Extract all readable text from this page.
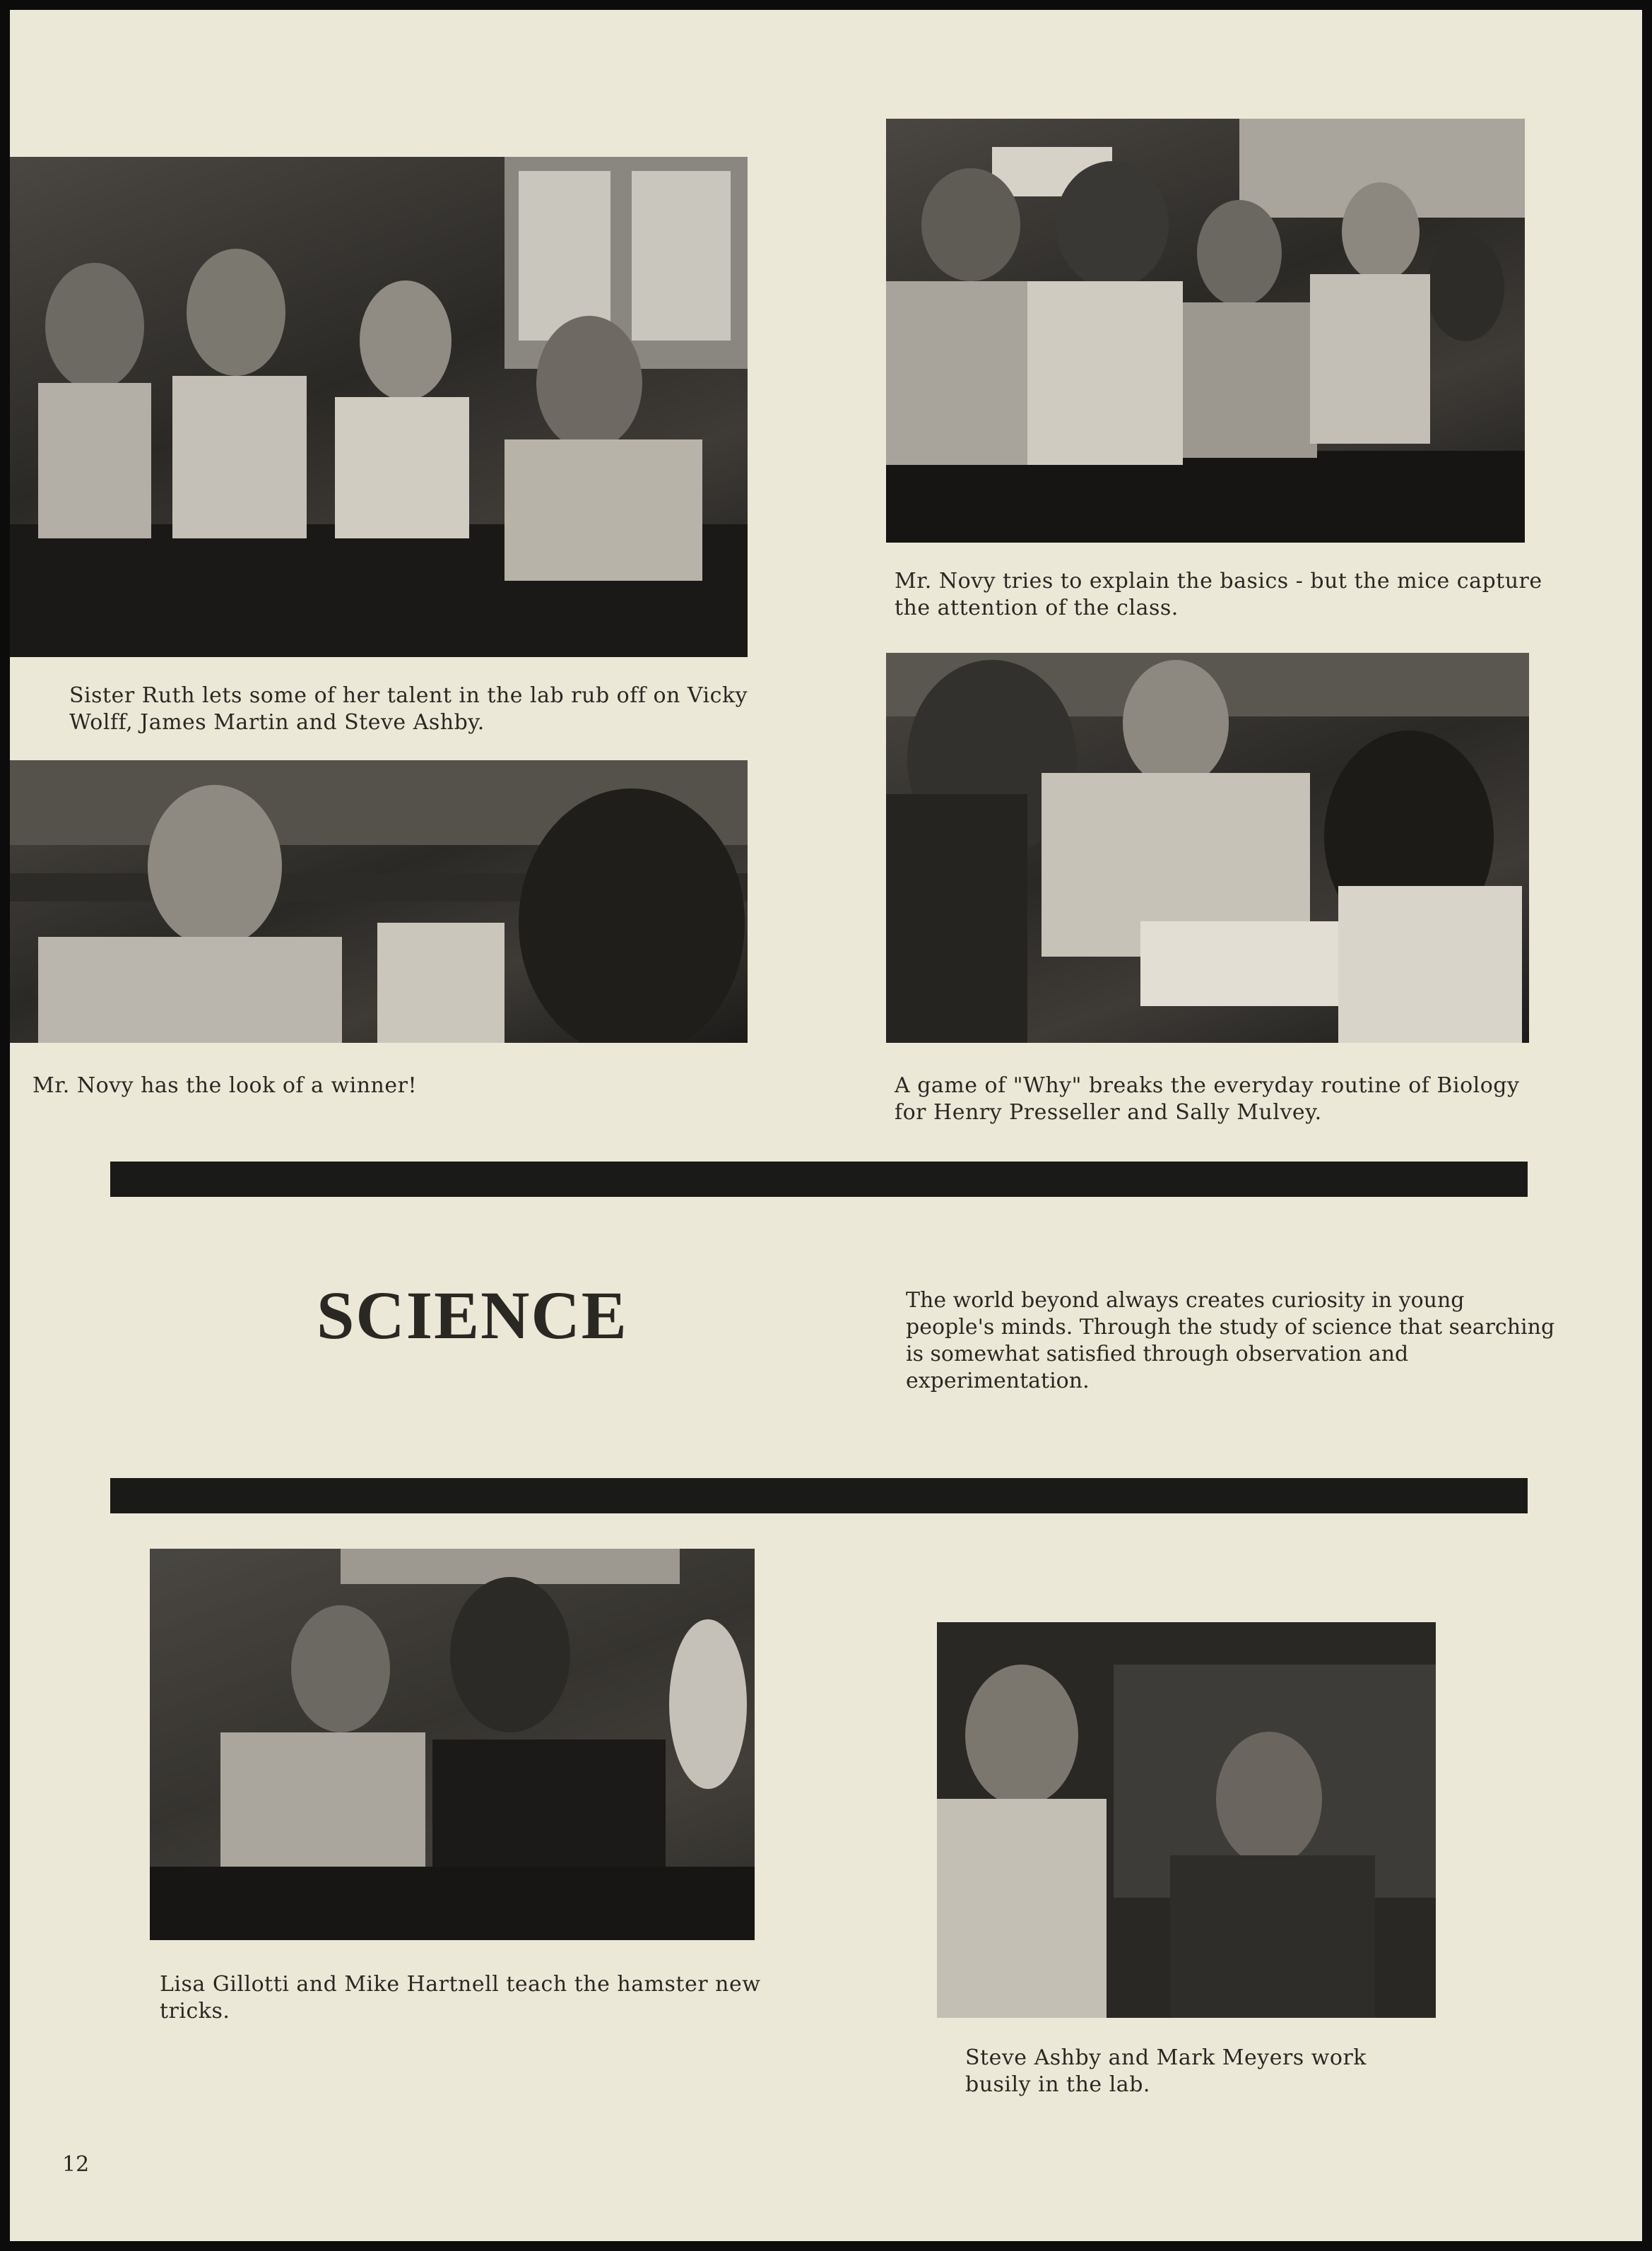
Sister Ruth lets some of her talent in the lab rub off on Vicky Wolff, James Martin and Steve Ashby.

Mr. Novy tries to explain the basics - but the mice capture the attention of the class.

Mr. Novy has the look of a winner!	A game of "Why" breaks the everyday routine of Biology for Henry Presseller and Sally Mulvey.

SCIENCE	The world beyond always creates curiosity in young people's minds. Through the study of science that searching is somewhat satisfied through observation and experimentation.

Lisa Gillotti and Mike Hartnell teach the hamster new tricks.

Steve Ashby and Mark Meyers work busily in the lab.

12
